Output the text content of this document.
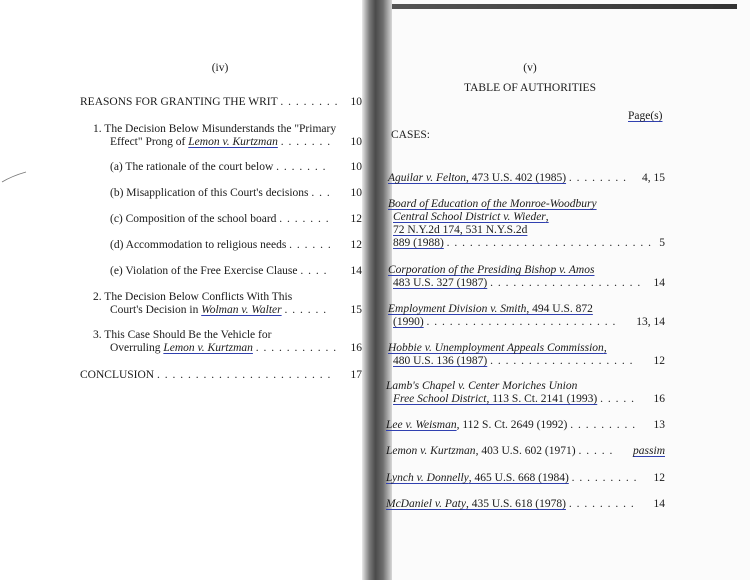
(iv)
REASONS FOR GRANTING THE WRIT . . . . . . . .	10
1. The Decision Below Misunderstands the "Primary
Effect" Prong of Lemon v. Kurtzman . . . . . . .	10
(a) The rationale of the court below . . . . . . .	10
(b) Misapplication of this Court's decisions . . .	10
(c) Composition of the school board . . . . . . .	12
(d) Accommodation to religious needs . . . . . .	12
(e) Violation of the Free Exercise Clause . . . .	14
2. The Decision Below Conflicts With This
Court's Decision in Wolman v. Walter . . . . . .	15
3. This Case Should Be the Vehicle for
Overruling Lemon v. Kurtzman . . . . . . . . . . .	16
CONCLUSION . . . . . . . . . . . . . . . . . . . . . . .	17
(v)
TABLE OF AUTHORITIES
Page(s)
CASES:
Aguilar v. Felton, 473 U.S. 402 (1985) . . . . . . . .	4, 15
Board of Education of the Monroe-Woodbury
Central School District v. Wieder,
72 N.Y.2d 174, 531 N.Y.S.2d
889 (1988) . . . . . . . . . . . . . . . . . . . . . . . . . . . 5
Corporation of the Presiding Bishop v. Amos
483 U.S. 327 (1987) . . . . . . . . . . . . . . . . . . . .	14
Employment Division v. Smith, 494 U.S. 872
(1990) . . . . . . . . . . . . . . . . . . . . . . . . .	13, 14
Hobbie v. Unemployment Appeals Commission,
480 U.S. 136 (1987) . . . . . . . . . . . . . . . . . . .	12
Lamb's Chapel v. Center Moriches Union
Free School District, 113 S. Ct. 2141 (1993) . . . . .	16
Lee v. Weisman, 112 S. Ct. 2649 (1992) . . . . . . . . .	13
Lemon v. Kurtzman, 403 U.S. 602 (1971) . . . . .	passim
Lynch v. Donnelly, 465 U.S. 668 (1984) . . . . . . . . .	12
McDaniel v. Paty, 435 U.S. 618 (1978) . . . . . . . . .	14
